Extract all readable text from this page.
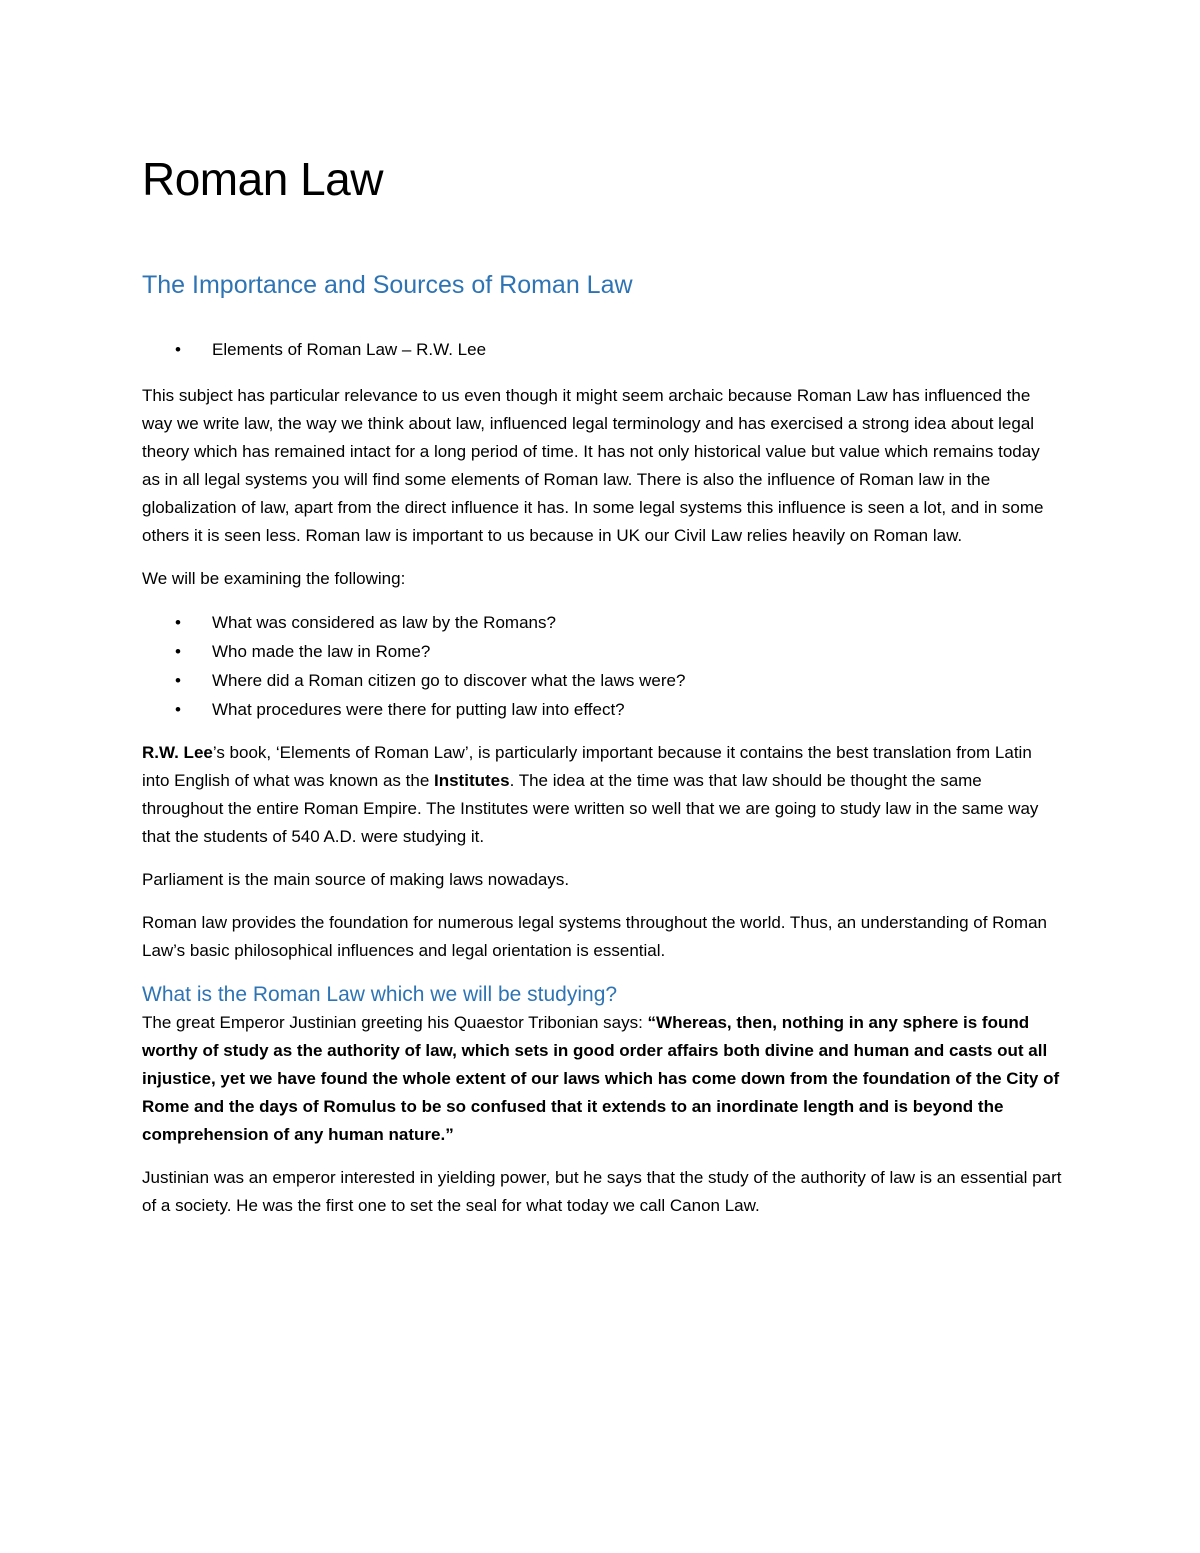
Roman Law
The Importance and Sources of Roman Law
• Elements of Roman Law – R.W. Lee

This subject has particular relevance to us even though it might seem archaic because Roman Law has influenced the way we write law, the way we think about law, influenced legal terminology and has exercised a strong idea about legal theory which has remained intact for a long period of time. It has not only historical value but value which remains today as in all legal systems you will find some elements of Roman law. There is also the influence of Roman law in the globalization of law, apart from the direct influence it has. In some legal systems this influence is seen a lot, and in some others it is seen less. Roman law is important to us because in UK our Civil Law relies heavily on Roman law.

We will be examining the following:

• What was considered as law by the Romans?
• Who made the law in Rome?
• Where did a Roman citizen go to discover what the laws were?
• What procedures were there for putting law into effect?

R.W. Lee’s book, ‘Elements of Roman Law’, is particularly important because it contains the best translation from Latin into English of what was known as the Institutes. The idea at the time was that law should be thought the same throughout the entire Roman Empire. The Institutes were written so well that we are going to study law in the same way that the students of 540 A.D. were studying it.

Parliament is the main source of making laws nowadays.

Roman law provides the foundation for numerous legal systems throughout the world. Thus, an understanding of Roman Law’s basic philosophical influences and legal orientation is essential.

What is the Roman Law which we will be studying?

The great Emperor Justinian greeting his Quaestor Tribonian says: “Whereas, then, nothing in any sphere is found worthy of study as the authority of law, which sets in good order affairs both divine and human and casts out all injustice, yet we have found the whole extent of our laws which has come down from the foundation of the City of Rome and the days of Romulus to be so confused that it extends to an inordinate length and is beyond the comprehension of any human nature.”

Justinian was an emperor interested in yielding power, but he says that the study of the authority of law is an essential part of a society. He was the first one to set the seal for what today we call Canon Law.
